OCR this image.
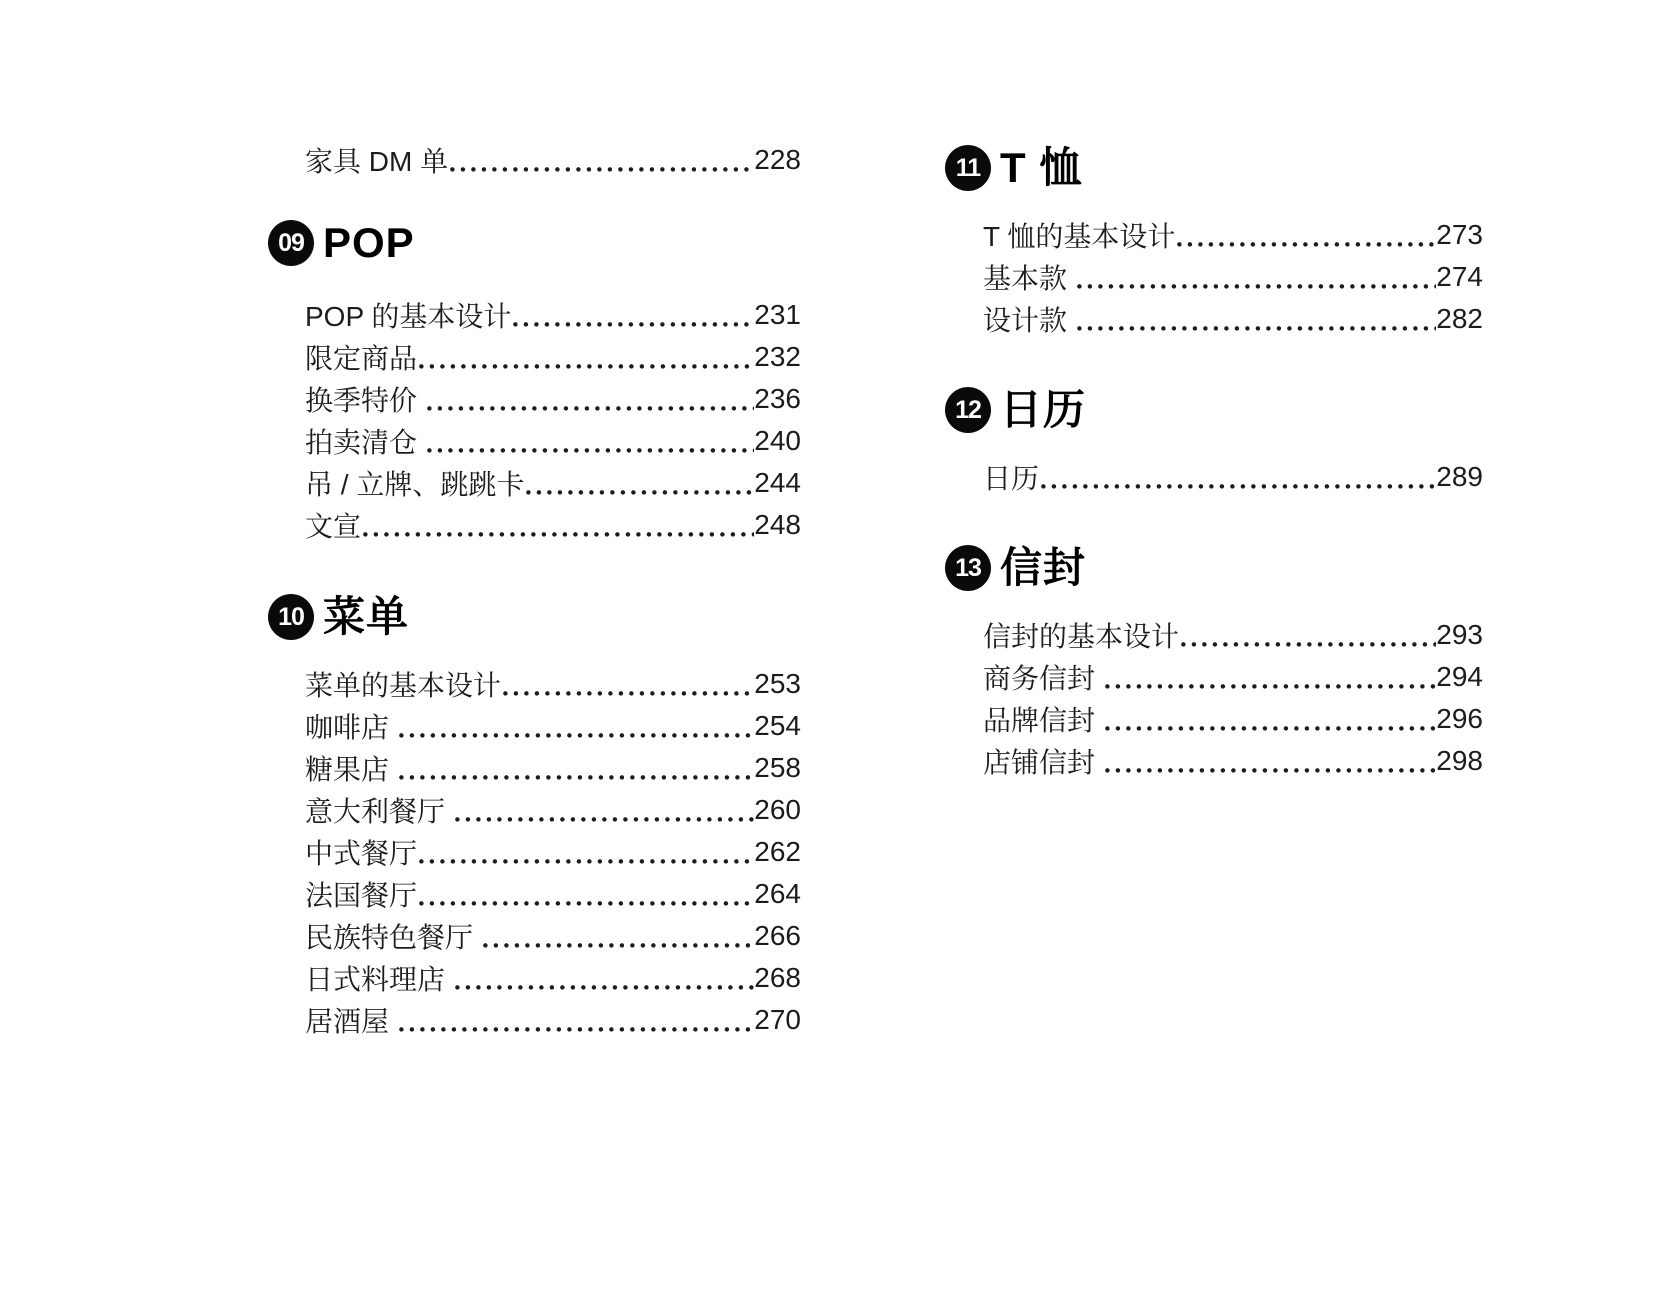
家具 DM 单	228
09 POP
POP 的基本设计	231
限定商品	232
换季特价	236
拍卖清仓	240
吊 / 立牌、跳跳卡	244
文宣	248
10 菜单
菜单的基本设计	253
咖啡店	254
糖果店	258
意大利餐厅	260
中式餐厅	262
法国餐厅	264
民族特色餐厅	266
日式料理店	268
居酒屋	270
11 T 恤
T 恤的基本设计	273
基本款	274
设计款	282
12 日历
日历	289
13 信封
信封的基本设计	293
商务信封	294
品牌信封	296
店铺信封	298
